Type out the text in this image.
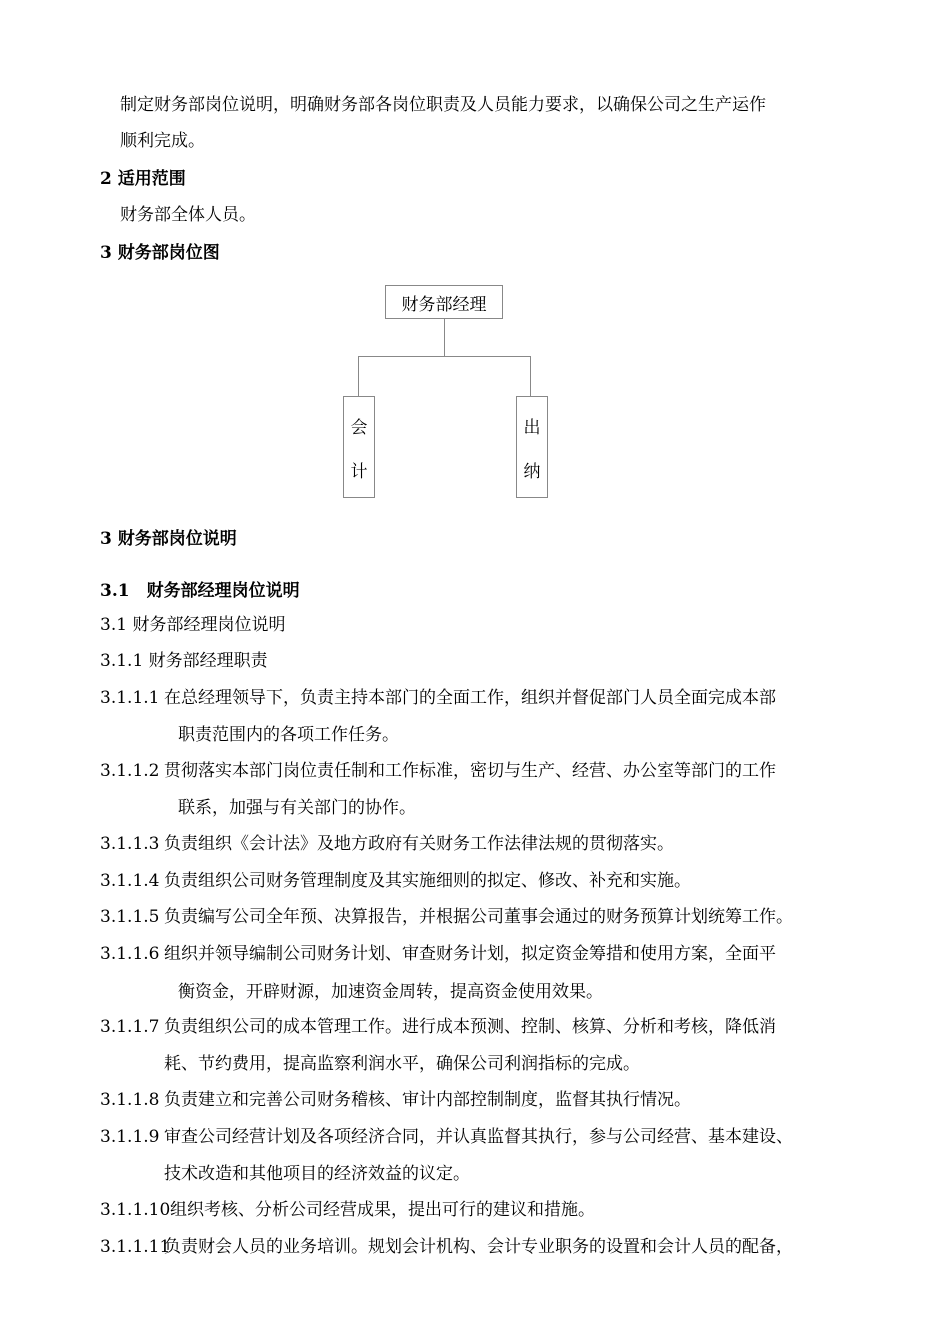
制定财务部岗位说明，明确财务部各岗位职责及人员能力要求，以确保公司之生产运作
顺利完成。
2 适用范围
财务部全体人员。
3 财务部岗位图
财务部经理
会
计
出
纳
3 财务部岗位说明
3.1　财务部经理岗位说明
3.1 财务部经理岗位说明
3.1.1 财务部经理职责
3.1.1.1 在总经理领导下，负责主持本部门的全面工作，组织并督促部门人员全面完成本部
职责范围内的各项工作任务。
3.1.1.2 贯彻落实本部门岗位责任制和工作标准，密切与生产、经营、办公室等部门的工作
联系，加强与有关部门的协作。
3.1.1.3 负责组织《会计法》及地方政府有关财务工作法律法规的贯彻落实。
3.1.1.4 负责组织公司财务管理制度及其实施细则的拟定、修改、补充和实施。
3.1.1.5 负责编写公司全年预、决算报告，并根据公司董事会通过的财务预算计划统筹工作。
3.1.1.6 组织并领导编制公司财务计划、审查财务计划，拟定资金筹措和使用方案，全面平
衡资金，开辟财源，加速资金周转，提高资金使用效果。
3.1.1.7 负责组织公司的成本管理工作。进行成本预测、控制、核算、分析和考核，降低消
耗、节约费用，提高监察利润水平，确保公司利润指标的完成。
3.1.1.8 负责建立和完善公司财务稽核、审计内部控制制度，监督其执行情况。
3.1.1.9 审查公司经营计划及各项经济合同，并认真监督其执行，参与公司经营、基本建设、
技术改造和其他项目的经济效益的议定。
3.1.1.10 组织考核、分析公司经营成果，提出可行的建议和措施。
3.1.1.11
负责财会人员的业务培训。规划会计机构、会计专业职务的设置和会计人员的配备，
